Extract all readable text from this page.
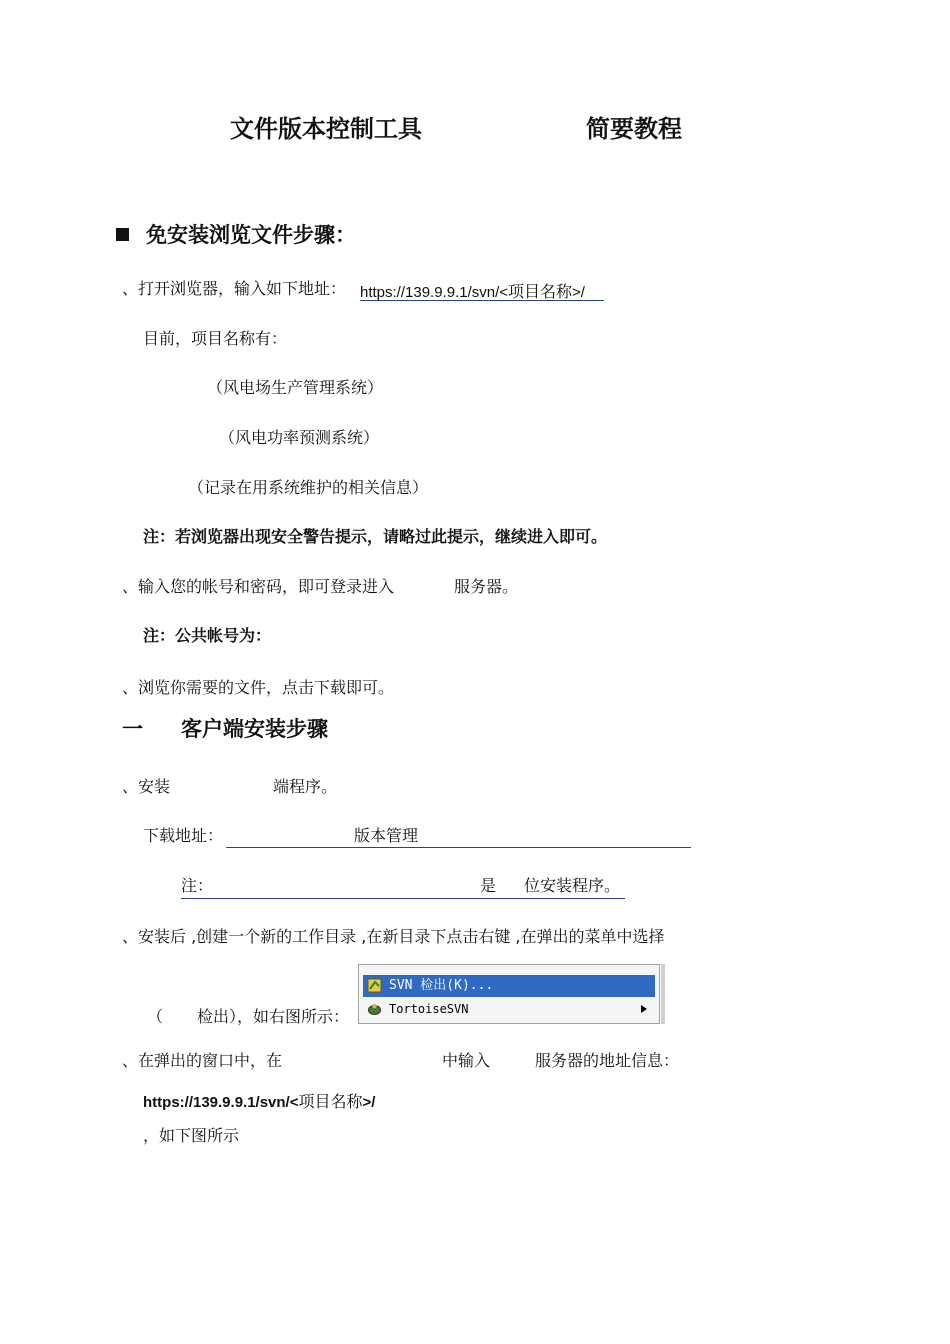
文件版本控制工具	简要教程
免安装浏览文件步骤：
、打开浏览器，输入如下地址： https://139.9.9.1/svn/<项目名称>/
目前，项目名称有：
（风电场生产管理系统）
（风电功率预测系统）
（记录在用系统维护的相关信息）
注：若浏览器出现安全警告提示，请略过此提示，继续进入即可。
、输入您的帐号和密码，即可登录进入	服务器。
注：公共帐号为：
、浏览你需要的文件，点击下载即可。
一 客户端安装步骤
、安装	端程序。
下载地址：	版本管理
注：	是 位安装程序。
、安装后 ,创建一个新的工作目录 ,在新目录下点击右键 ,在弹出的菜单中选择
（ 检出），如右图所示：
SVN 检出(K)...
TortoiseSVN
、在弹出的窗口中，在	中输入	服务器的地址信息：
https://139.9.9.1/svn/<项目名称>/
，如下图所示
